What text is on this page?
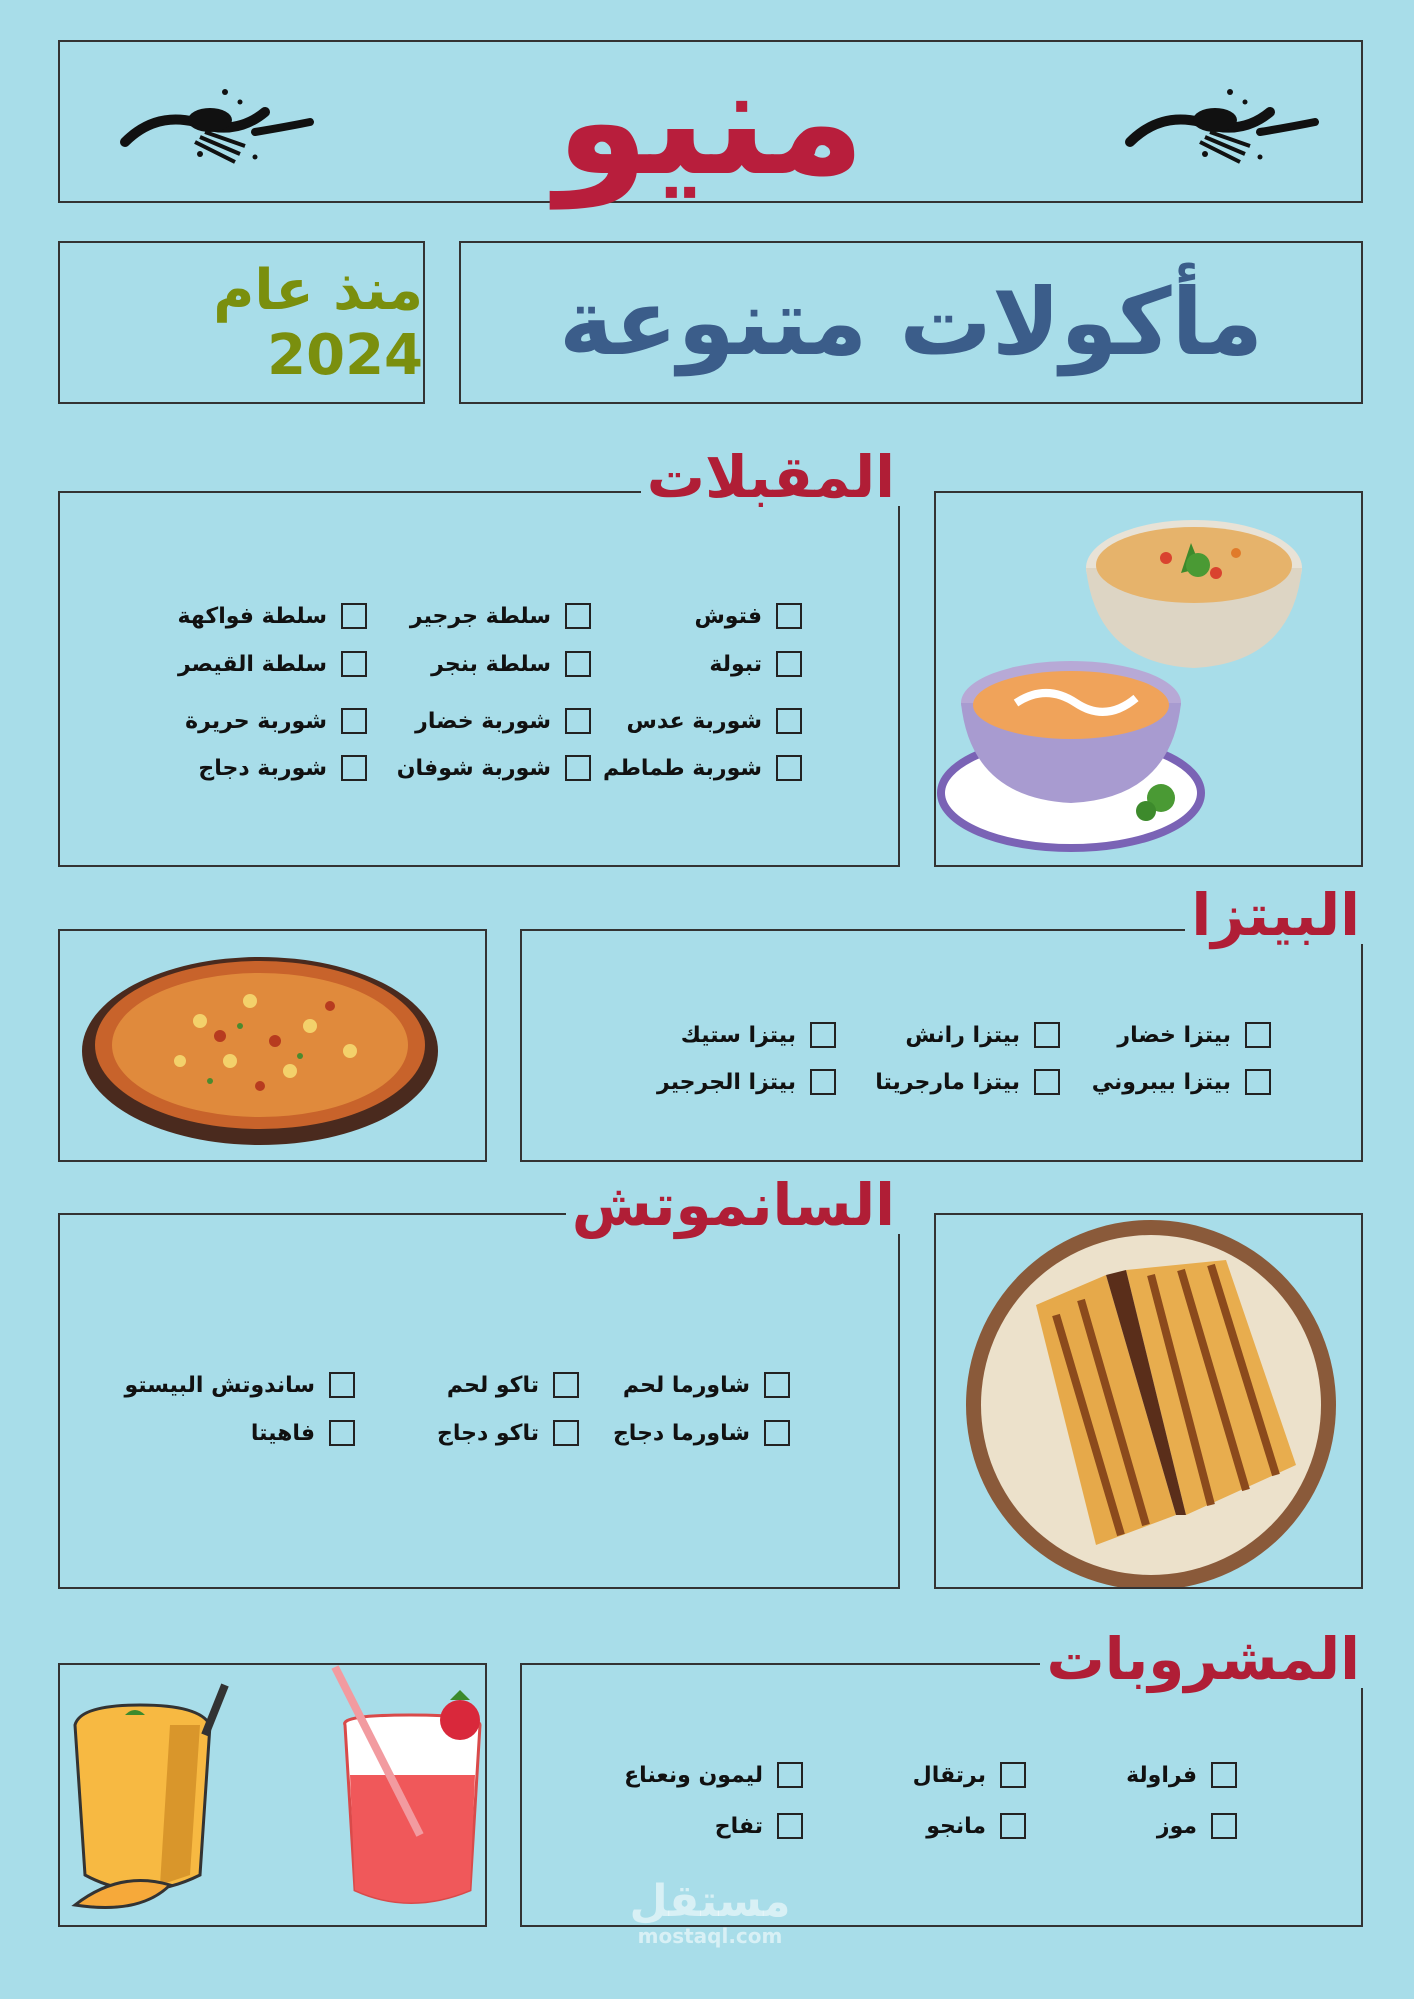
منيو
منذ عام 2024 مأكولات متنوعة
المقبلات
فتوش
سلطة جرجير
سلطة فواكهة
تبولة
سلطة بنجر
سلطة القيصر
شوربة عدس
شوربة خضار
شوربة حريرة
شوربة طماطم
شوربة شوفان
شوربة دجاج
البيتزا
بيتزا خضار
بيتزا رانش
بيتزا ستيك
بيتزا بيبروني
بيتزا مارجريتا
بيتزا الجرجير
السانموتش
شاورما لحم
تاكو لحم
ساندوتش البيستو
شاورما دجاج
تاكو دجاج
فاهيتا
المشروبات
فراولة
برتقال
ليمون ونعناع
موز
مانجو
تفاح
مستقل
mostaql.com
